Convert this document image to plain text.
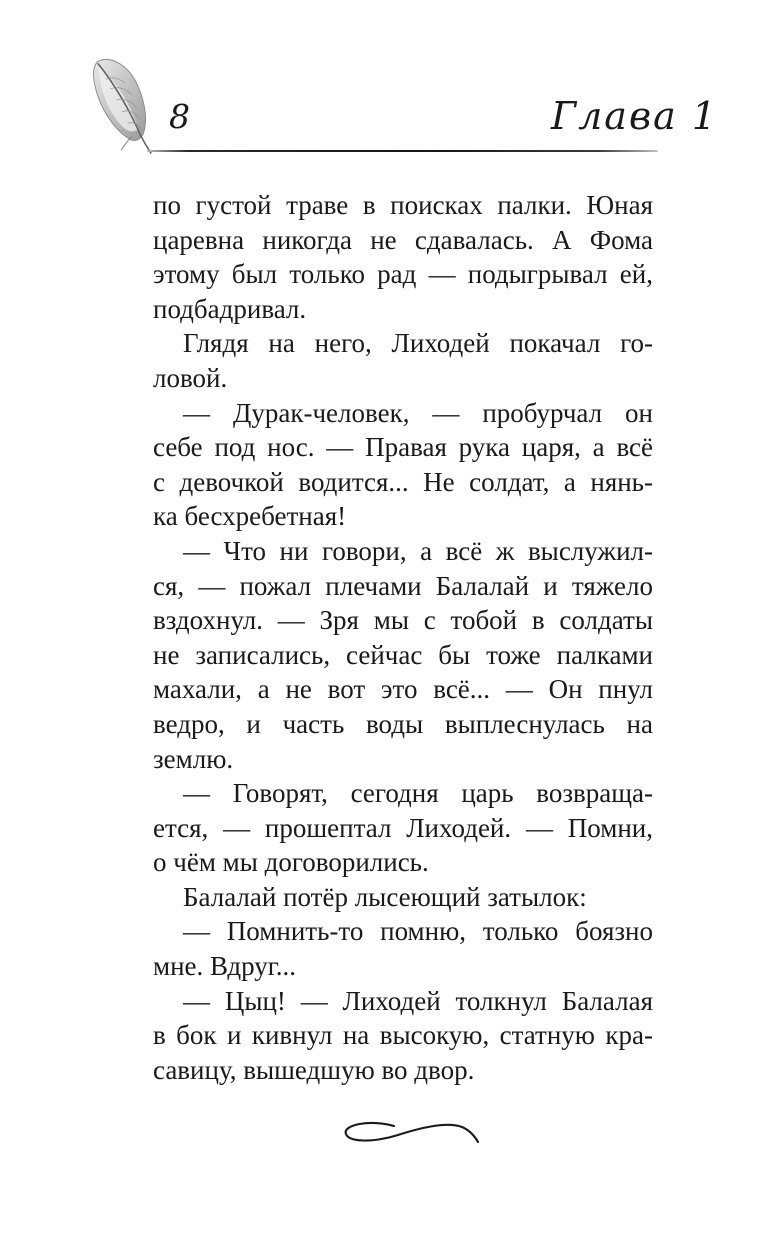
8	Глава 1
по густой траве в поисках палки. Юная
царевна никогда не сдавалась. А Фома
этому был только рад — подыгрывал ей,
подбадривал.
Глядя на него, Лиходей покачал го-
ловой.
— Дурак-человек, — пробурчал он
себе под нос. — Правая рука царя, а всё
с девочкой водится... Не солдат, а нянь-
ка бесхребетная!
— Что ни говори, а всё ж выслужил-
ся, — пожал плечами Балалай и тяжело
вздохнул. — Зря мы с тобой в солдаты
не записались, сейчас бы тоже палками
махали, а не вот это всё... — Он пнул
ведро, и часть воды выплеснулась на
землю.
— Говорят, сегодня царь возвраща-
ется, — прошептал Лиходей. — Помни,
о чём мы договорились.
Балалай потёр лысеющий затылок:
— Помнить-то помню, только боязно
мне. Вдруг...
— Цыц! — Лиходей толкнул Балалая
в бок и кивнул на высокую, статную кра-
савицу, вышедшую во двор.
